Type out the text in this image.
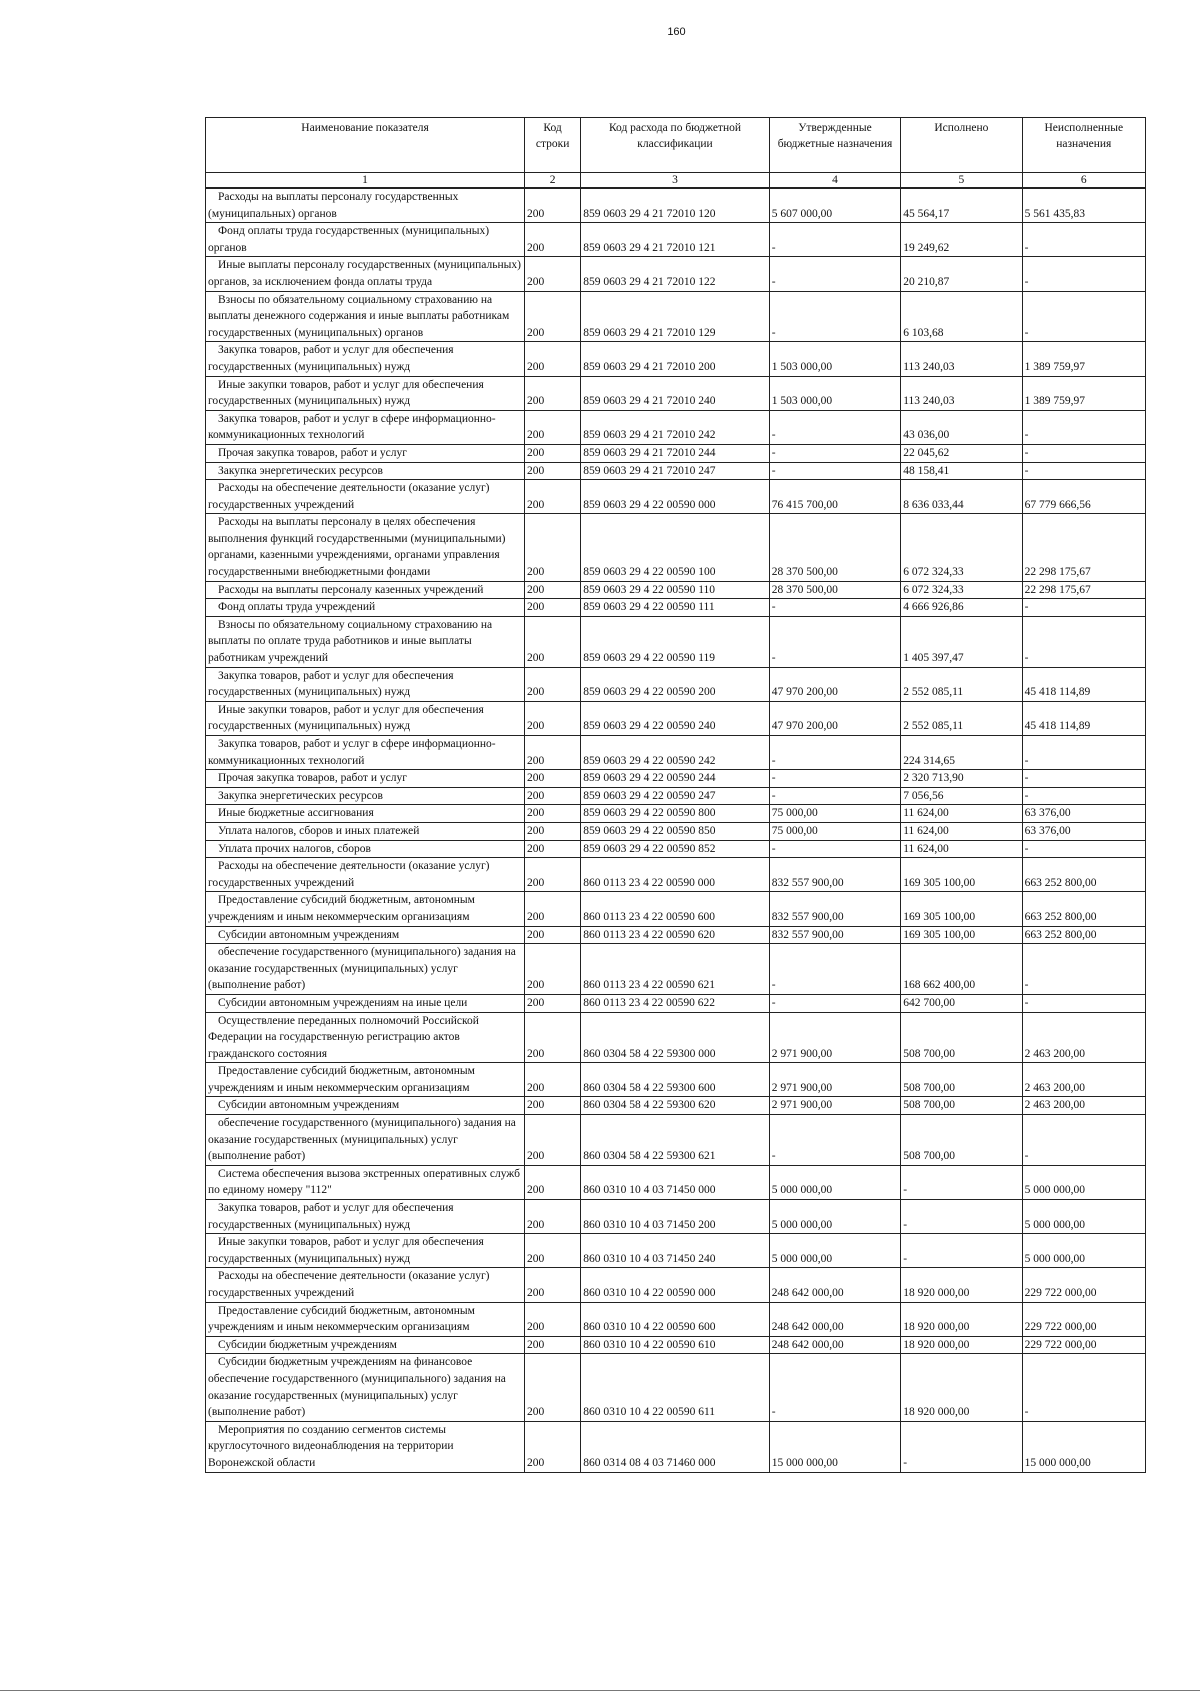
160
Наименование показателя	Код строки	Код расхода по бюджетной классификации	Утвержденные бюджетные назначения	Исполнено	Неисполненные назначения
1	2	3	4	5	6
Расходы на выплаты персоналу государственных (муниципальных) органов	200	859 0603 29 4 21 72010 120	5 607 000,00	45 564,17	5 561 435,83
Фонд оплаты труда государственных (муниципальных) органов	200	859 0603 29 4 21 72010 121	-	19 249,62	-
Иные выплаты персоналу государственных (муниципальных) органов, за исключением фонда оплаты труда	200	859 0603 29 4 21 72010 122	-	20 210,87	-
Взносы по обязательному социальному страхованию на выплаты денежного содержания и иные выплаты работникам государственных (муниципальных) органов	200	859 0603 29 4 21 72010 129	-	6 103,68	-
Закупка товаров, работ и услуг для обеспечения государственных (муниципальных) нужд	200	859 0603 29 4 21 72010 200	1 503 000,00	113 240,03	1 389 759,97
Иные закупки товаров, работ и услуг для обеспечения государственных (муниципальных) нужд	200	859 0603 29 4 21 72010 240	1 503 000,00	113 240,03	1 389 759,97
Закупка товаров, работ и услуг в сфере информационно-коммуникационных технологий	200	859 0603 29 4 21 72010 242	-	43 036,00	-
Прочая закупка товаров, работ и услуг	200	859 0603 29 4 21 72010 244	-	22 045,62	-
Закупка энергетических ресурсов	200	859 0603 29 4 21 72010 247	-	48 158,41	-
Расходы на обеспечение деятельности (оказание услуг) государственных учреждений	200	859 0603 29 4 22 00590 000	76 415 700,00	8 636 033,44	67 779 666,56
Расходы на выплаты персоналу в целях обеспечения выполнения функций государственными (муниципальными) органами, казенными учреждениями, органами управления государственными внебюджетными фондами	200	859 0603 29 4 22 00590 100	28 370 500,00	6 072 324,33	22 298 175,67
Расходы на выплаты персоналу казенных учреждений	200	859 0603 29 4 22 00590 110	28 370 500,00	6 072 324,33	22 298 175,67
Фонд оплаты труда учреждений	200	859 0603 29 4 22 00590 111	-	4 666 926,86	-
Взносы по обязательному социальному страхованию на выплаты по оплате труда работников и иные выплаты работникам учреждений	200	859 0603 29 4 22 00590 119	-	1 405 397,47	-
Закупка товаров, работ и услуг для обеспечения государственных (муниципальных) нужд	200	859 0603 29 4 22 00590 200	47 970 200,00	2 552 085,11	45 418 114,89
Иные закупки товаров, работ и услуг для обеспечения государственных (муниципальных) нужд	200	859 0603 29 4 22 00590 240	47 970 200,00	2 552 085,11	45 418 114,89
Закупка товаров, работ и услуг в сфере информационно-коммуникационных технологий	200	859 0603 29 4 22 00590 242	-	224 314,65	-
Прочая закупка товаров, работ и услуг	200	859 0603 29 4 22 00590 244	-	2 320 713,90	-
Закупка энергетических ресурсов	200	859 0603 29 4 22 00590 247	-	7 056,56	-
Иные бюджетные ассигнования	200	859 0603 29 4 22 00590 800	75 000,00	11 624,00	63 376,00
Уплата налогов, сборов и иных платежей	200	859 0603 29 4 22 00590 850	75 000,00	11 624,00	63 376,00
Уплата прочих налогов, сборов	200	859 0603 29 4 22 00590 852	-	11 624,00	-
Расходы на обеспечение деятельности (оказание услуг) государственных учреждений	200	860 0113 23 4 22 00590 000	832 557 900,00	169 305 100,00	663 252 800,00
Предоставление субсидий бюджетным, автономным учреждениям и иным некоммерческим организациям	200	860 0113 23 4 22 00590 600	832 557 900,00	169 305 100,00	663 252 800,00
Субсидии автономным учреждениям	200	860 0113 23 4 22 00590 620	832 557 900,00	169 305 100,00	663 252 800,00
обеспечение государственного (муниципального) задания на оказание государственных (муниципальных) услуг (выполнение работ)	200	860 0113 23 4 22 00590 621	-	168 662 400,00	-
Субсидии автономным учреждениям на иные цели	200	860 0113 23 4 22 00590 622	-	642 700,00	-
Осуществление переданных полномочий Российской Федерации на государственную регистрацию актов гражданского состояния	200	860 0304 58 4 22 59300 000	2 971 900,00	508 700,00	2 463 200,00
Предоставление субсидий бюджетным, автономным учреждениям и иным некоммерческим организациям	200	860 0304 58 4 22 59300 600	2 971 900,00	508 700,00	2 463 200,00
Субсидии автономным учреждениям	200	860 0304 58 4 22 59300 620	2 971 900,00	508 700,00	2 463 200,00
обеспечение государственного (муниципального) задания на оказание государственных (муниципальных) услуг (выполнение работ)	200	860 0304 58 4 22 59300 621	-	508 700,00	-
Система обеспечения вызова экстренных оперативных служб по единому номеру "112"	200	860 0310 10 4 03 71450 000	5 000 000,00	-	5 000 000,00
Закупка товаров, работ и услуг для обеспечения государственных (муниципальных) нужд	200	860 0310 10 4 03 71450 200	5 000 000,00	-	5 000 000,00
Иные закупки товаров, работ и услуг для обеспечения государственных (муниципальных) нужд	200	860 0310 10 4 03 71450 240	5 000 000,00	-	5 000 000,00
Расходы на обеспечение деятельности (оказание услуг) государственных учреждений	200	860 0310 10 4 22 00590 000	248 642 000,00	18 920 000,00	229 722 000,00
Предоставление субсидий бюджетным, автономным учреждениям и иным некоммерческим организациям	200	860 0310 10 4 22 00590 600	248 642 000,00	18 920 000,00	229 722 000,00
Субсидии бюджетным учреждениям	200	860 0310 10 4 22 00590 610	248 642 000,00	18 920 000,00	229 722 000,00
Субсидии бюджетным учреждениям на финансовое обеспечение государственного (муниципального) задания на оказание государственных (муниципальных) услуг (выполнение работ)	200	860 0310 10 4 22 00590 611	-	18 920 000,00	-
Мероприятия по созданию сегментов системы круглосуточного видеонаблюдения на территории Воронежской области	200	860 0314 08 4 03 71460 000	15 000 000,00	-	15 000 000,00
